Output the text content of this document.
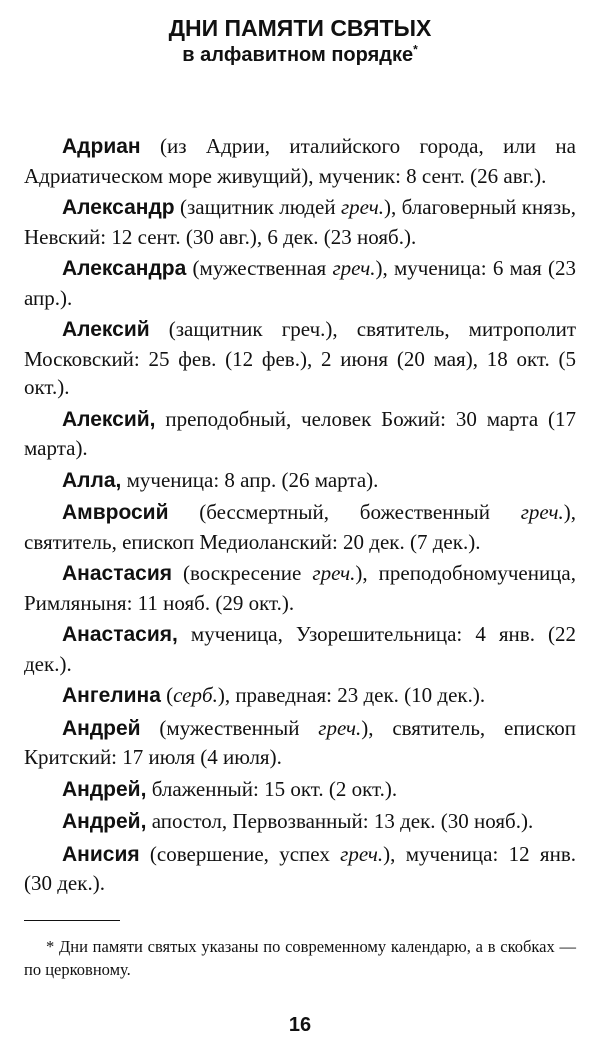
ДНИ ПАМЯТИ СВЯТЫХ

в алфавитном порядке*

Адриан (из Адрии, италийского города, или на Адриатическом море живущий), мученик: 8 сент. (26 авг.).

Александр (защитник людей греч.), благоверный князь, Невский: 12 сент. (30 авг.), 6 дек. (23 нояб.).

Александра (мужественная греч.), мученица: 6 мая (23 апр.).

Алексий (защитник греч.), святитель, митрополит Московский: 25 фев. (12 фев.), 2 июня (20 мая), 18 окт. (5 окт.).

Алексий, преподобный, человек Божий: 30 марта (17 марта).

Алла, мученица: 8 апр. (26 марта).

Амвросий (бессмертный, божественный греч.), святитель, епископ Медиоланский: 20 дек. (7 дек.).

Анастасия (воскресение греч.), преподобномученица, Римляныня: 11 нояб. (29 окт.).

Анастасия, мученица, Узорешительница: 4 янв. (22 дек.).

Ангелина (серб.), праведная: 23 дек. (10 дек.).

Андрей (мужественный греч.), святитель, епископ Критский: 17 июля (4 июля).

Андрей, блаженный: 15 окт. (2 окт.).

Андрей, апостол, Первозванный: 13 дек. (30 нояб.).

Анисия (совершение, успех греч.), мученица: 12 янв. (30 дек.).

* Дни памяти святых указаны по современному календарю, а в скобках — по церковному.

16
